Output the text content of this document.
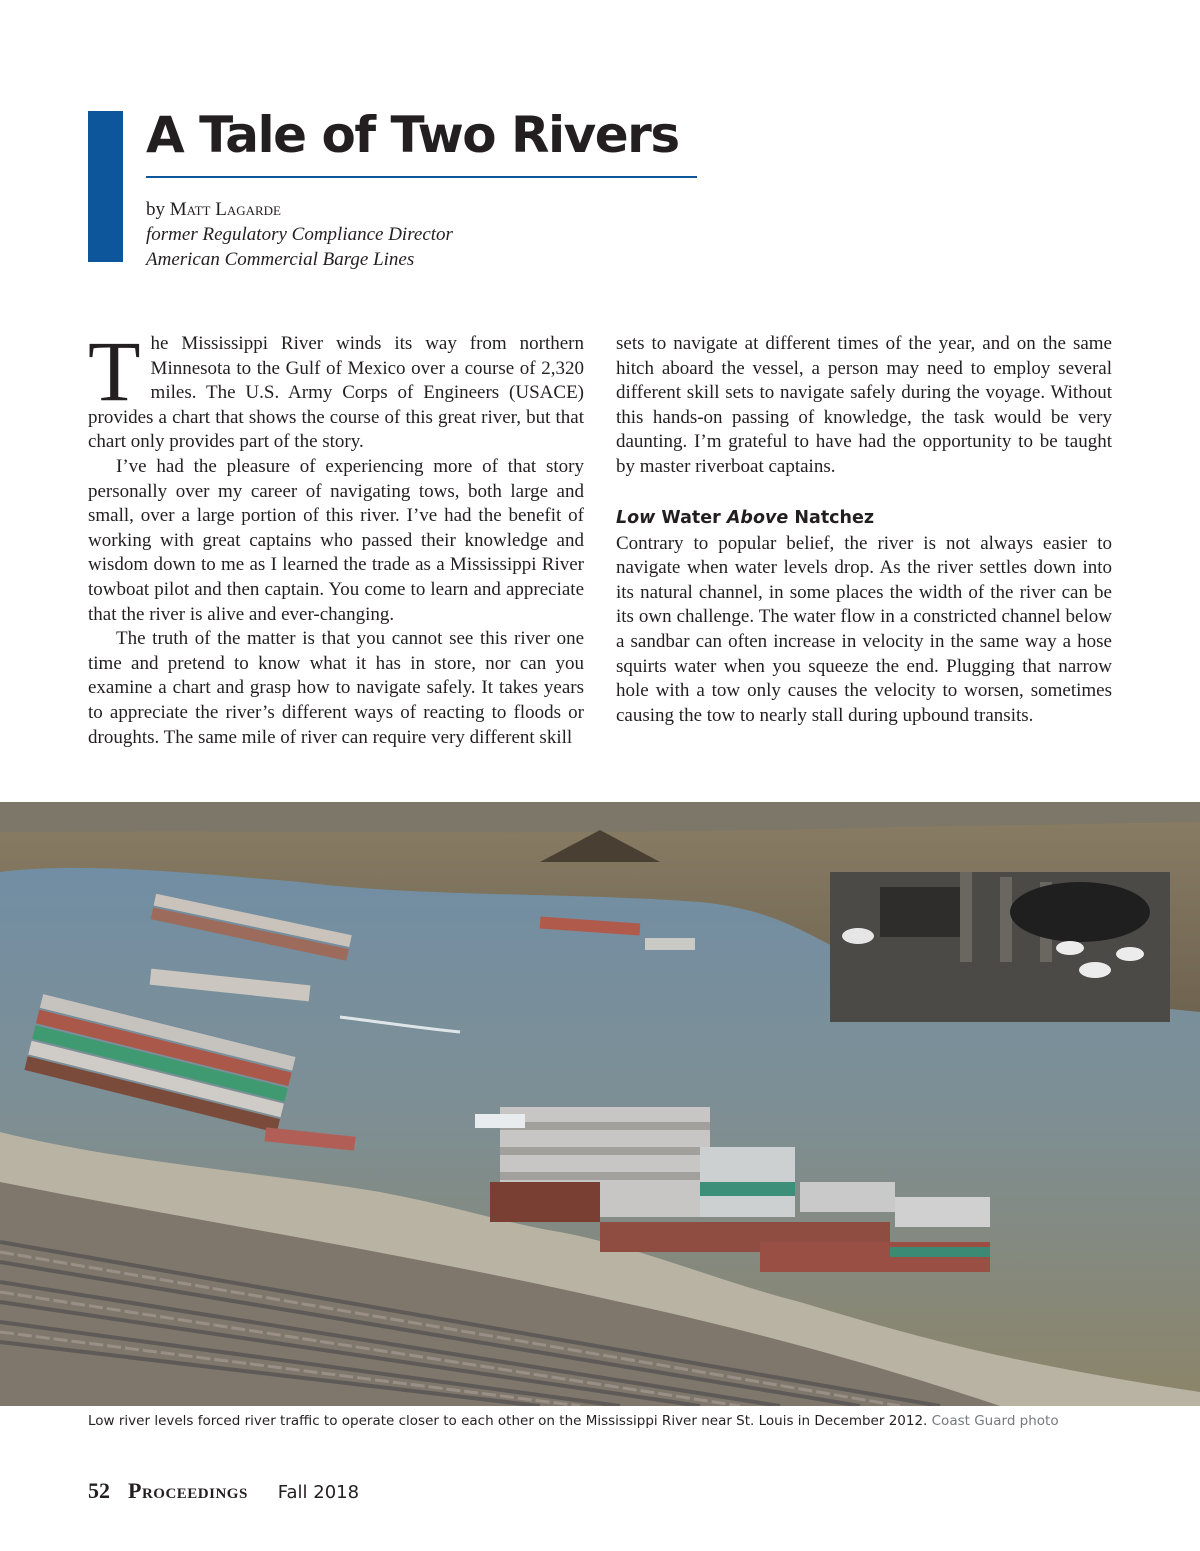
A Tale of Two Rivers
by Matt Lagarde
former Regulatory Compliance Director
American Commercial Barge Lines

The Mississippi River winds its way from northern Minnesota to the Gulf of Mexico over a course of 2,320 miles. The U.S. Army Corps of Engineers (USACE) provides a chart that shows the course of this great river, but that chart only provides part of the story.

I’ve had the pleasure of experiencing more of that story personally over my career of navigating tows, both large and small, over a large portion of this river. I’ve had the benefit of working with great captains who passed their knowledge and wisdom down to me as I learned the trade as a Mississippi River towboat pilot and then captain. You come to learn and appreciate that the river is alive and ever-changing.

The truth of the matter is that you cannot see this river one time and pretend to know what it has in store, nor can you examine a chart and grasp how to navigate safely. It takes years to appreciate the river’s different ways of reacting to floods or droughts. The same mile of river can require very different skill

sets to navigate at different times of the year, and on the same hitch aboard the vessel, a person may need to employ several different skill sets to navigate safely during the voyage. Without this hands-on passing of knowledge, the task would be very daunting. I’m grateful to have had the opportunity to be taught by master riverboat captains.

Low Water Above Natchez

Contrary to popular belief, the river is not always easier to navigate when water levels drop. As the river settles down into its natural channel, in some places the width of the river can be its own challenge. The water flow in a constricted channel below a sandbar can often increase in velocity in the same way a hose squirts water when you squeeze the end. Plugging that narrow hole with a tow only causes the velocity to worsen, sometimes causing the tow to nearly stall during upbound transits.

Low river levels forced river traffic to operate closer to each other on the Mississippi River near St. Louis in December 2012. Coast Guard photo
52 Proceedings Fall 2018
